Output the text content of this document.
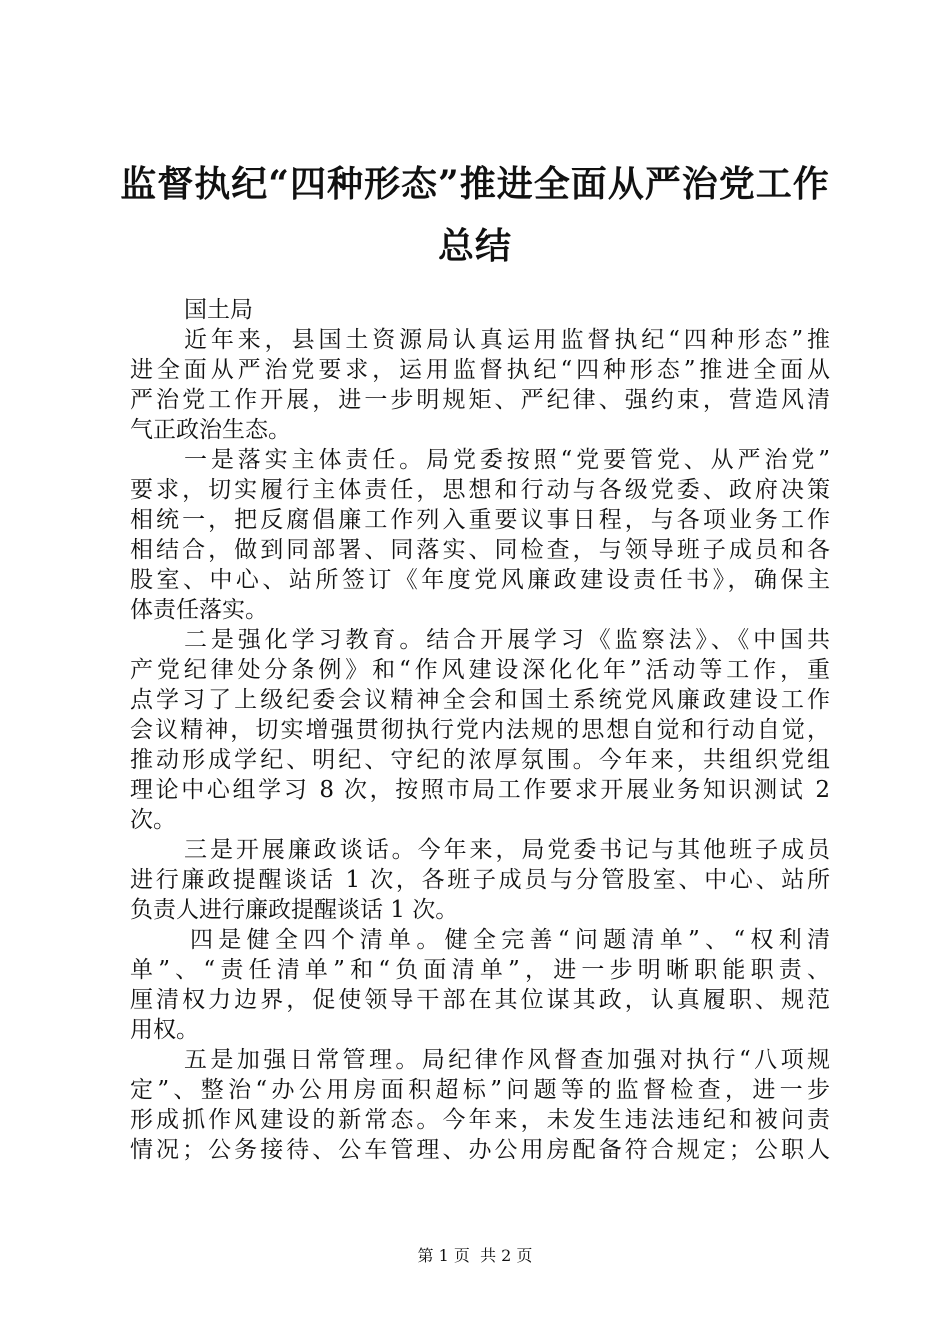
监督执纪“四种形态”推进全面从严治党工作
总结
国土局
近年来，县国土资源局认真运用监督执纪“四种形态”推
进全面从严治党要求，运用监督执纪“四种形态”推进全面从
严治党工作开展，进一步明规矩、严纪律、强约束，营造风清
气正政治生态。
一是落实主体责任。局党委按照“党要管党、从严治党”
要求，切实履行主体责任，思想和行动与各级党委、政府决策
相统一，把反腐倡廉工作列入重要议事日程，与各项业务工作
相结合，做到同部署、同落实、同检查，与领导班子成员和各
股室、中心、站所签订《年度党风廉政建设责任书》，确保主
体责任落实。
二是强化学习教育。结合开展学习《监察法》、《中国共
产党纪律处分条例》和“作风建设深化化年”活动等工作，重
点学习了上级纪委会议精神全会和国土系统党风廉政建设工作
会议精神，切实增强贯彻执行党内法规的思想自觉和行动自觉，
推动形成学纪、明纪、守纪的浓厚氛围。今年来，共组织党组
理论中心组学习 8 次，按照市局工作要求开展业务知识测试 2
次。
三是开展廉政谈话。今年来，局党委书记与其他班子成员
进行廉政提醒谈话 1 次，各班子成员与分管股室、中心、站所
负责人进行廉政提醒谈话 1 次。
四是健全四个清单。健全完善“问题清单”、“权利清
单”、“责任清单”和“负面清单”，进一步明晰职能职责、
厘清权力边界，促使领导干部在其位谋其政，认真履职、规范
用权。
五是加强日常管理。局纪律作风督查加强对执行“八项规
定”、整治“办公用房面积超标”问题等的监督检查，进一步
形成抓作风建设的新常态。今年来，未发生违法违纪和被问责
情况；公务接待、公车管理、办公用房配备符合规定；公职人
第 1 页  共 2 页
